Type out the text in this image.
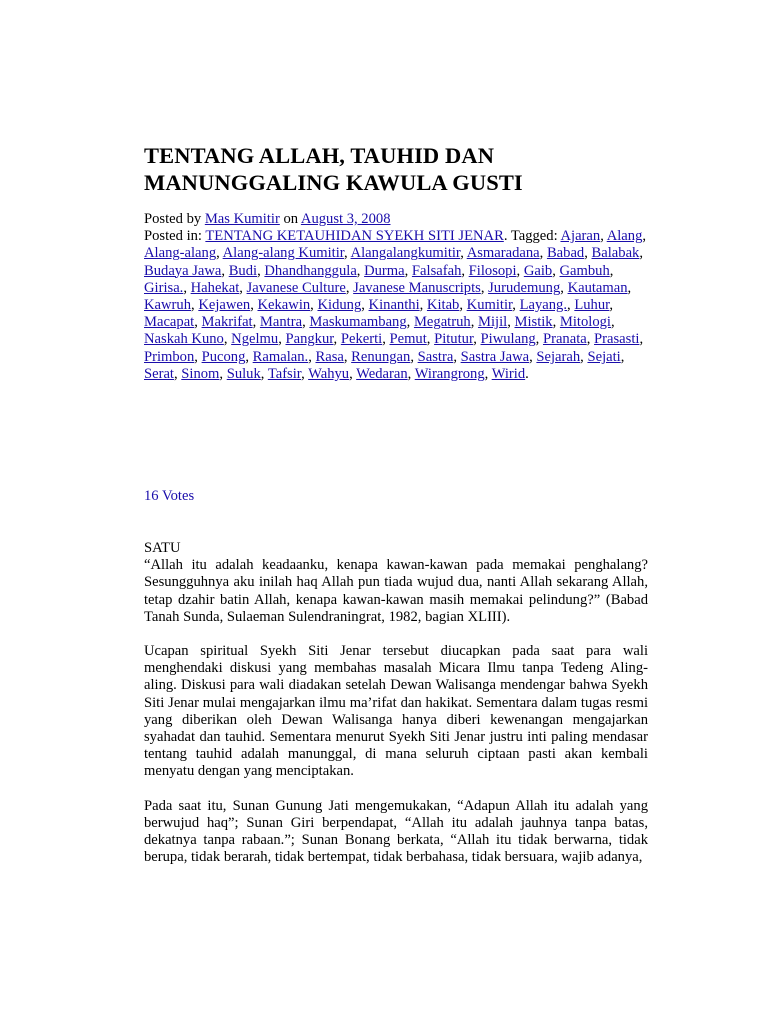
TENTANG ALLAH, TAUHID DAN MANUNGGALING KAWULA GUSTI
Posted by Mas Kumitir on August 3, 2008
Posted in: TENTANG KETAUHIDAN SYEKH SITI JENAR. Tagged: Ajaran, Alang, Alang-alang, Alang-alang Kumitir, Alangalangkumitir, Asmaradana, Babad, Balabak, Budaya Jawa, Budi, Dhandhanggula, Durma, Falsafah, Filosopi, Gaib, Gambuh, Girisa., Hahekat, Javanese Culture, Javanese Manuscripts, Jurudemung, Kautaman, Kawruh, Kejawen, Kekawin, Kidung, Kinanthi, Kitab, Kumitir, Layang., Luhur, Macapat, Makrifat, Mantra, Maskumambang, Megatruh, Mijil, Mistik, Mitologi, Naskah Kuno, Ngelmu, Pangkur, Pekerti, Pemut, Pitutur, Piwulang, Pranata, Prasasti, Primbon, Pucong, Ramalan., Rasa, Renungan, Sastra, Sastra Jawa, Sejarah, Sejati, Serat, Sinom, Suluk, Tafsir, Wahyu, Wedaran, Wirangrong, Wirid.
16 Votes

SATU

“Allah itu adalah keadaanku, kenapa kawan-kawan pada memakai penghalang? Sesungguhnya aku inilah haq Allah pun tiada wujud dua, nanti Allah sekarang Allah, tetap dzahir batin Allah, kenapa kawan-kawan masih memakai pelindung?” (Babad Tanah Sunda, Sulaeman Sulendraningrat, 1982, bagian XLIII).

Ucapan spiritual Syekh Siti Jenar tersebut diucapkan pada saat para wali menghendaki diskusi yang membahas masalah Micara Ilmu tanpa Tedeng Aling-aling. Diskusi para wali diadakan setelah Dewan Walisanga mendengar bahwa Syekh Siti Jenar mulai mengajarkan ilmu ma’rifat dan hakikat. Sementara dalam tugas resmi yang diberikan oleh Dewan Walisanga hanya diberi kewenangan mengajarkan syahadat dan tauhid. Sementara menurut Syekh Siti Jenar justru inti paling mendasar tentang tauhid adalah manunggal, di mana seluruh ciptaan pasti akan kembali menyatu dengan yang menciptakan.

Pada saat itu, Sunan Gunung Jati mengemukakan, “Adapun Allah itu adalah yang berwujud haq”; Sunan Giri berpendapat, “Allah itu adalah jauhnya tanpa batas, dekatnya tanpa rabaan.”; Sunan Bonang berkata, “Allah itu tidak berwarna, tidak berupa, tidak berarah, tidak bertempat, tidak berbahasa, tidak bersuara, wajib adanya,
